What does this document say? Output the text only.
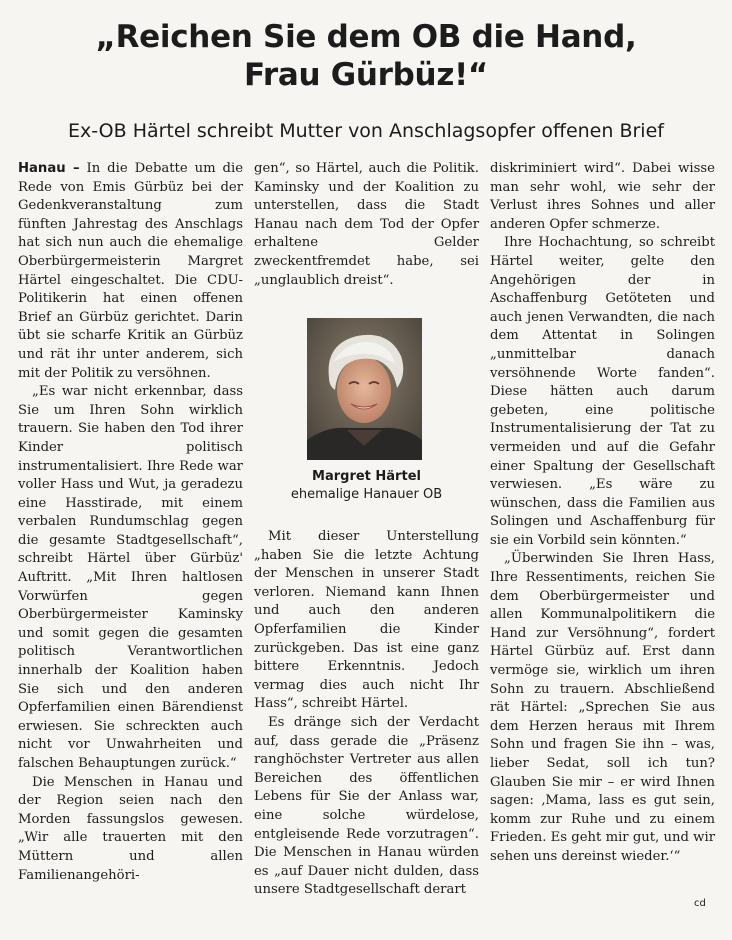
„Reichen Sie dem OB die Hand,
Frau Gürbüz!“
Ex-OB Härtel schreibt Mutter von Anschlagsopfer offenen Brief

Hanau – In die Debatte um die Rede von Emis Gürbüz bei der Gedenkveranstaltung zum fünften Jahrestag des Anschlags hat sich nun auch die ehemalige Oberbürgermeisterin Margret Härtel eingeschaltet. Die CDU-Politikerin hat einen offenen Brief an Gürbüz gerichtet. Darin übt sie scharfe Kritik an Gürbüz und rät ihr unter anderem, sich mit der Politik zu versöhnen.

„Es war nicht erkennbar, dass Sie um Ihren Sohn wirklich trauern. Sie haben den Tod ihrer Kinder politisch instrumentalisiert. Ihre Rede war voller Hass und Wut, ja geradezu eine Hasstirade, mit einem verbalen Rundumschlag gegen die gesamte Stadtgesellschaft“, schreibt Härtel über Gürbüz' Auftritt. „Mit Ihren haltlosen Vorwürfen gegen Oberbürgermeister Kaminsky und somit gegen die gesamten politisch Verantwortlichen innerhalb der Koalition haben Sie sich und den anderen Opferfamilien einen Bärendienst erwiesen. Sie schreckten auch nicht vor Unwahrheiten und falschen Behauptungen zurück.“

Die Menschen in Hanau und der Region seien nach den Morden fassungslos gewesen. „Wir alle trauerten mit den Müttern und allen Familienangehöri-

gen“, so Härtel, auch die Politik. Kaminsky und der Koalition zu unterstellen, dass die Stadt Hanau nach dem Tod der Opfer erhaltene Gelder zweckentfremdet habe, sei „unglaublich dreist“.

Margret Härtel
ehemalige Hanauer OB

Mit dieser Unterstellung „haben Sie die letzte Achtung der Menschen in unserer Stadt verloren. Niemand kann Ihnen und auch den anderen Opferfamilien die Kinder zurückgeben. Das ist eine ganz bittere Erkenntnis. Jedoch vermag dies auch nicht Ihr Hass“, schreibt Härtel.

Es dränge sich der Verdacht auf, dass gerade die „Präsenz ranghöchster Vertreter aus allen Bereichen des öffentlichen Lebens für Sie der Anlass war, eine solche würdelose, entgleisende Rede vorzutragen“. Die Menschen in Hanau würden es „auf Dauer nicht dulden, dass unsere Stadtgesellschaft derart

diskriminiert wird“. Dabei wisse man sehr wohl, wie sehr der Verlust ihres Sohnes und aller anderen Opfer schmerze.

Ihre Hochachtung, so schreibt Härtel weiter, gelte den Angehörigen der in Aschaffenburg Getöteten und auch jenen Verwandten, die nach dem Attentat in Solingen „unmittelbar danach versöhnende Worte fanden“. Diese hätten auch darum gebeten, eine politische Instrumentalisierung der Tat zu vermeiden und auf die Gefahr einer Spaltung der Gesellschaft verwiesen. „Es wäre zu wünschen, dass die Familien aus Solingen und Aschaffenburg für sie ein Vorbild sein könnten.“

„Überwinden Sie Ihren Hass, Ihre Ressentiments, reichen Sie dem Oberbürgermeister und allen Kommunalpolitikern die Hand zur Versöhnung“, fordert Härtel Gürbüz auf. Erst dann vermöge sie, wirklich um ihren Sohn zu trauern. Abschließend rät Härtel: „Sprechen Sie aus dem Herzen heraus mit Ihrem Sohn und fragen Sie ihn – was, lieber Sedat, soll ich tun? Glauben Sie mir – er wird Ihnen sagen: ‚Mama, lass es gut sein, komm zur Ruhe und zu einem Frieden. Es geht mir gut, und wir sehen uns dereinst wieder.‘“

cd
